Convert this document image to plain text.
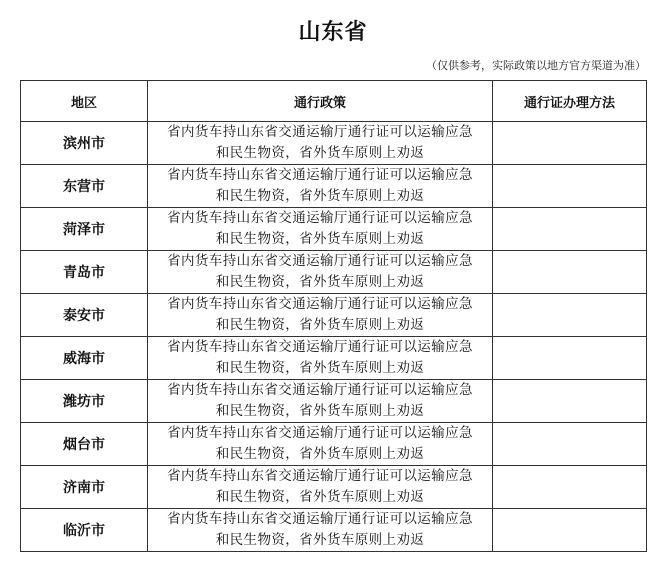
山东省
（仅供参考，实际政策以地方官方渠道为准）
地区	通行政策	通行证办理方法
滨州市	省内货车持山东省交通运输厅通行证可以运输应急
和民生物资，省外货车原则上劝返	
东营市	省内货车持山东省交通运输厅通行证可以运输应急
和民生物资，省外货车原则上劝返	
菏泽市	省内货车持山东省交通运输厅通行证可以运输应急
和民生物资，省外货车原则上劝返	
青岛市	省内货车持山东省交通运输厅通行证可以运输应急
和民生物资，省外货车原则上劝返	
泰安市	省内货车持山东省交通运输厅通行证可以运输应急
和民生物资，省外货车原则上劝返	
威海市	省内货车持山东省交通运输厅通行证可以运输应急
和民生物资，省外货车原则上劝返	
潍坊市	省内货车持山东省交通运输厅通行证可以运输应急
和民生物资，省外货车原则上劝返	
烟台市	省内货车持山东省交通运输厅通行证可以运输应急
和民生物资，省外货车原则上劝返	
济南市	省内货车持山东省交通运输厅通行证可以运输应急
和民生物资，省外货车原则上劝返	
临沂市	省内货车持山东省交通运输厅通行证可以运输应急
和民生物资，省外货车原则上劝返	
